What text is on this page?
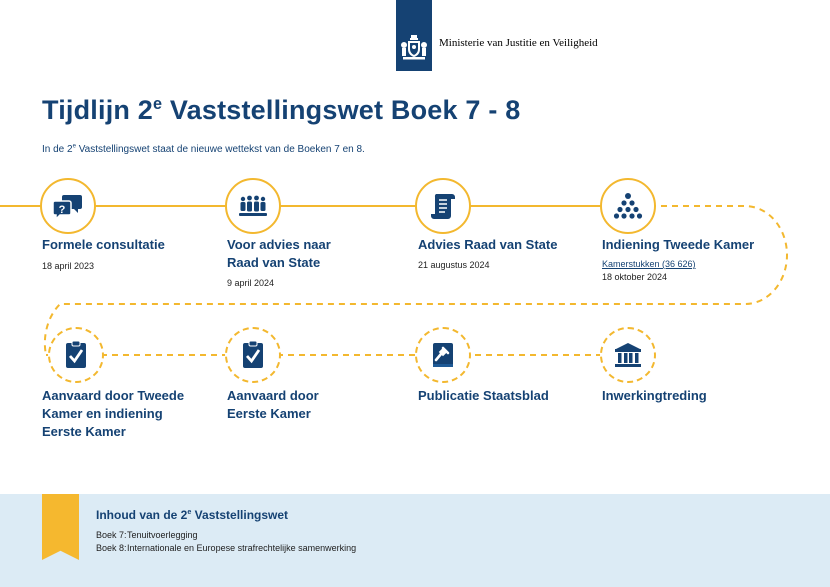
Ministerie van Justitie en Veiligheid
Tijdlijn 2e Vaststellingswet Boek 7 - 8

In de 2e Vaststellingswet staat de nieuwe wettekst van de Boeken 7 en 8.

?
Formele consultatie
18 april 2023
Voor advies naar Raad van State
9 april 2024
Advies Raad van State
21 augustus 2024
Indiening Tweede Kamer
Kamerstukken (36 626)
18 oktober 2024
Aanvaard door Tweede Kamer en indiening Eerste Kamer
Aanvaard door Eerste Kamer
Publicatie Staatsblad	Inwerkingtreding
Inhoud van de 2e Vaststellingswet
Boek 7:Tenuitvoerlegging
Boek 8:Internationale en Europese strafrechtelijke samenwerking
